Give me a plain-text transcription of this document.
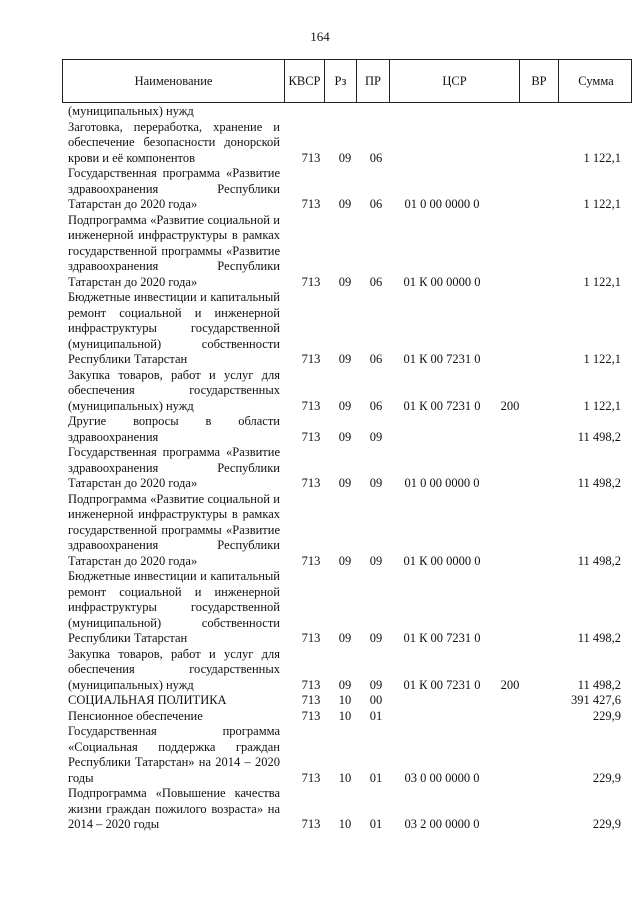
164
Наименование	КВСР	Рз	ПР	ЦСР	ВР	Сумма
(муниципальных) нужд
Заготовка, переработка, хранение и обеспечение безопасности донорской крови и её компонентов	713	09	06	1 122,1
Государственная программа «Развитие здравоохранения Республики Татарстан до 2020 года»	713	09	06	01 0 00 0000 0	1 122,1
Подпрограмма «Развитие социальной и инженерной инфраструктуры в рамках государственной программы «Развитие здравоохранения Республики Татарстан до 2020 года»	713	09	06	01 К 00 0000 0	1 122,1
Бюджетные инвестиции и капитальный ремонт социальной и инженерной инфраструктуры государственной (муниципальной) собственности Республики Татарстан	713	09	06	01 К 00 7231 0	1 122,1
Закупка товаров, работ и услуг для обеспечения государственных (муниципальных) нужд	713	09	06	01 К 00 7231 0	200	1 122,1
Другие вопросы в области здравоохранения	713	09	09	11 498,2
Государственная программа «Развитие здравоохранения Республики Татарстан до 2020 года»	713	09	09	01 0 00 0000 0	11 498,2
Подпрограмма «Развитие социальной и инженерной инфраструктуры в рамках государственной программы «Развитие здравоохранения Республики Татарстан до 2020 года»	713	09	09	01 К 00 0000 0	11 498,2
Бюджетные инвестиции и капитальный ремонт социальной и инженерной инфраструктуры государственной (муниципальной) собственности Республики Татарстан	713	09	09	01 К 00 7231 0	11 498,2
Закупка товаров, работ и услуг для обеспечения государственных (муниципальных) нужд	713	09	09	01 К 00 7231 0	200	11 498,2
СОЦИАЛЬНАЯ ПОЛИТИКА	713	10	00	391 427,6
Пенсионное обеспечение	713	10	01	229,9
Государственная программа «Социальная поддержка граждан Республики Татарстан» на 2014 – 2020 годы	713	10	01	03 0 00 0000 0	229,9
Подпрограмма «Повышение качества жизни граждан пожилого возраста» на 2014 – 2020 годы	713	10	01	03 2 00 0000 0	229,9
